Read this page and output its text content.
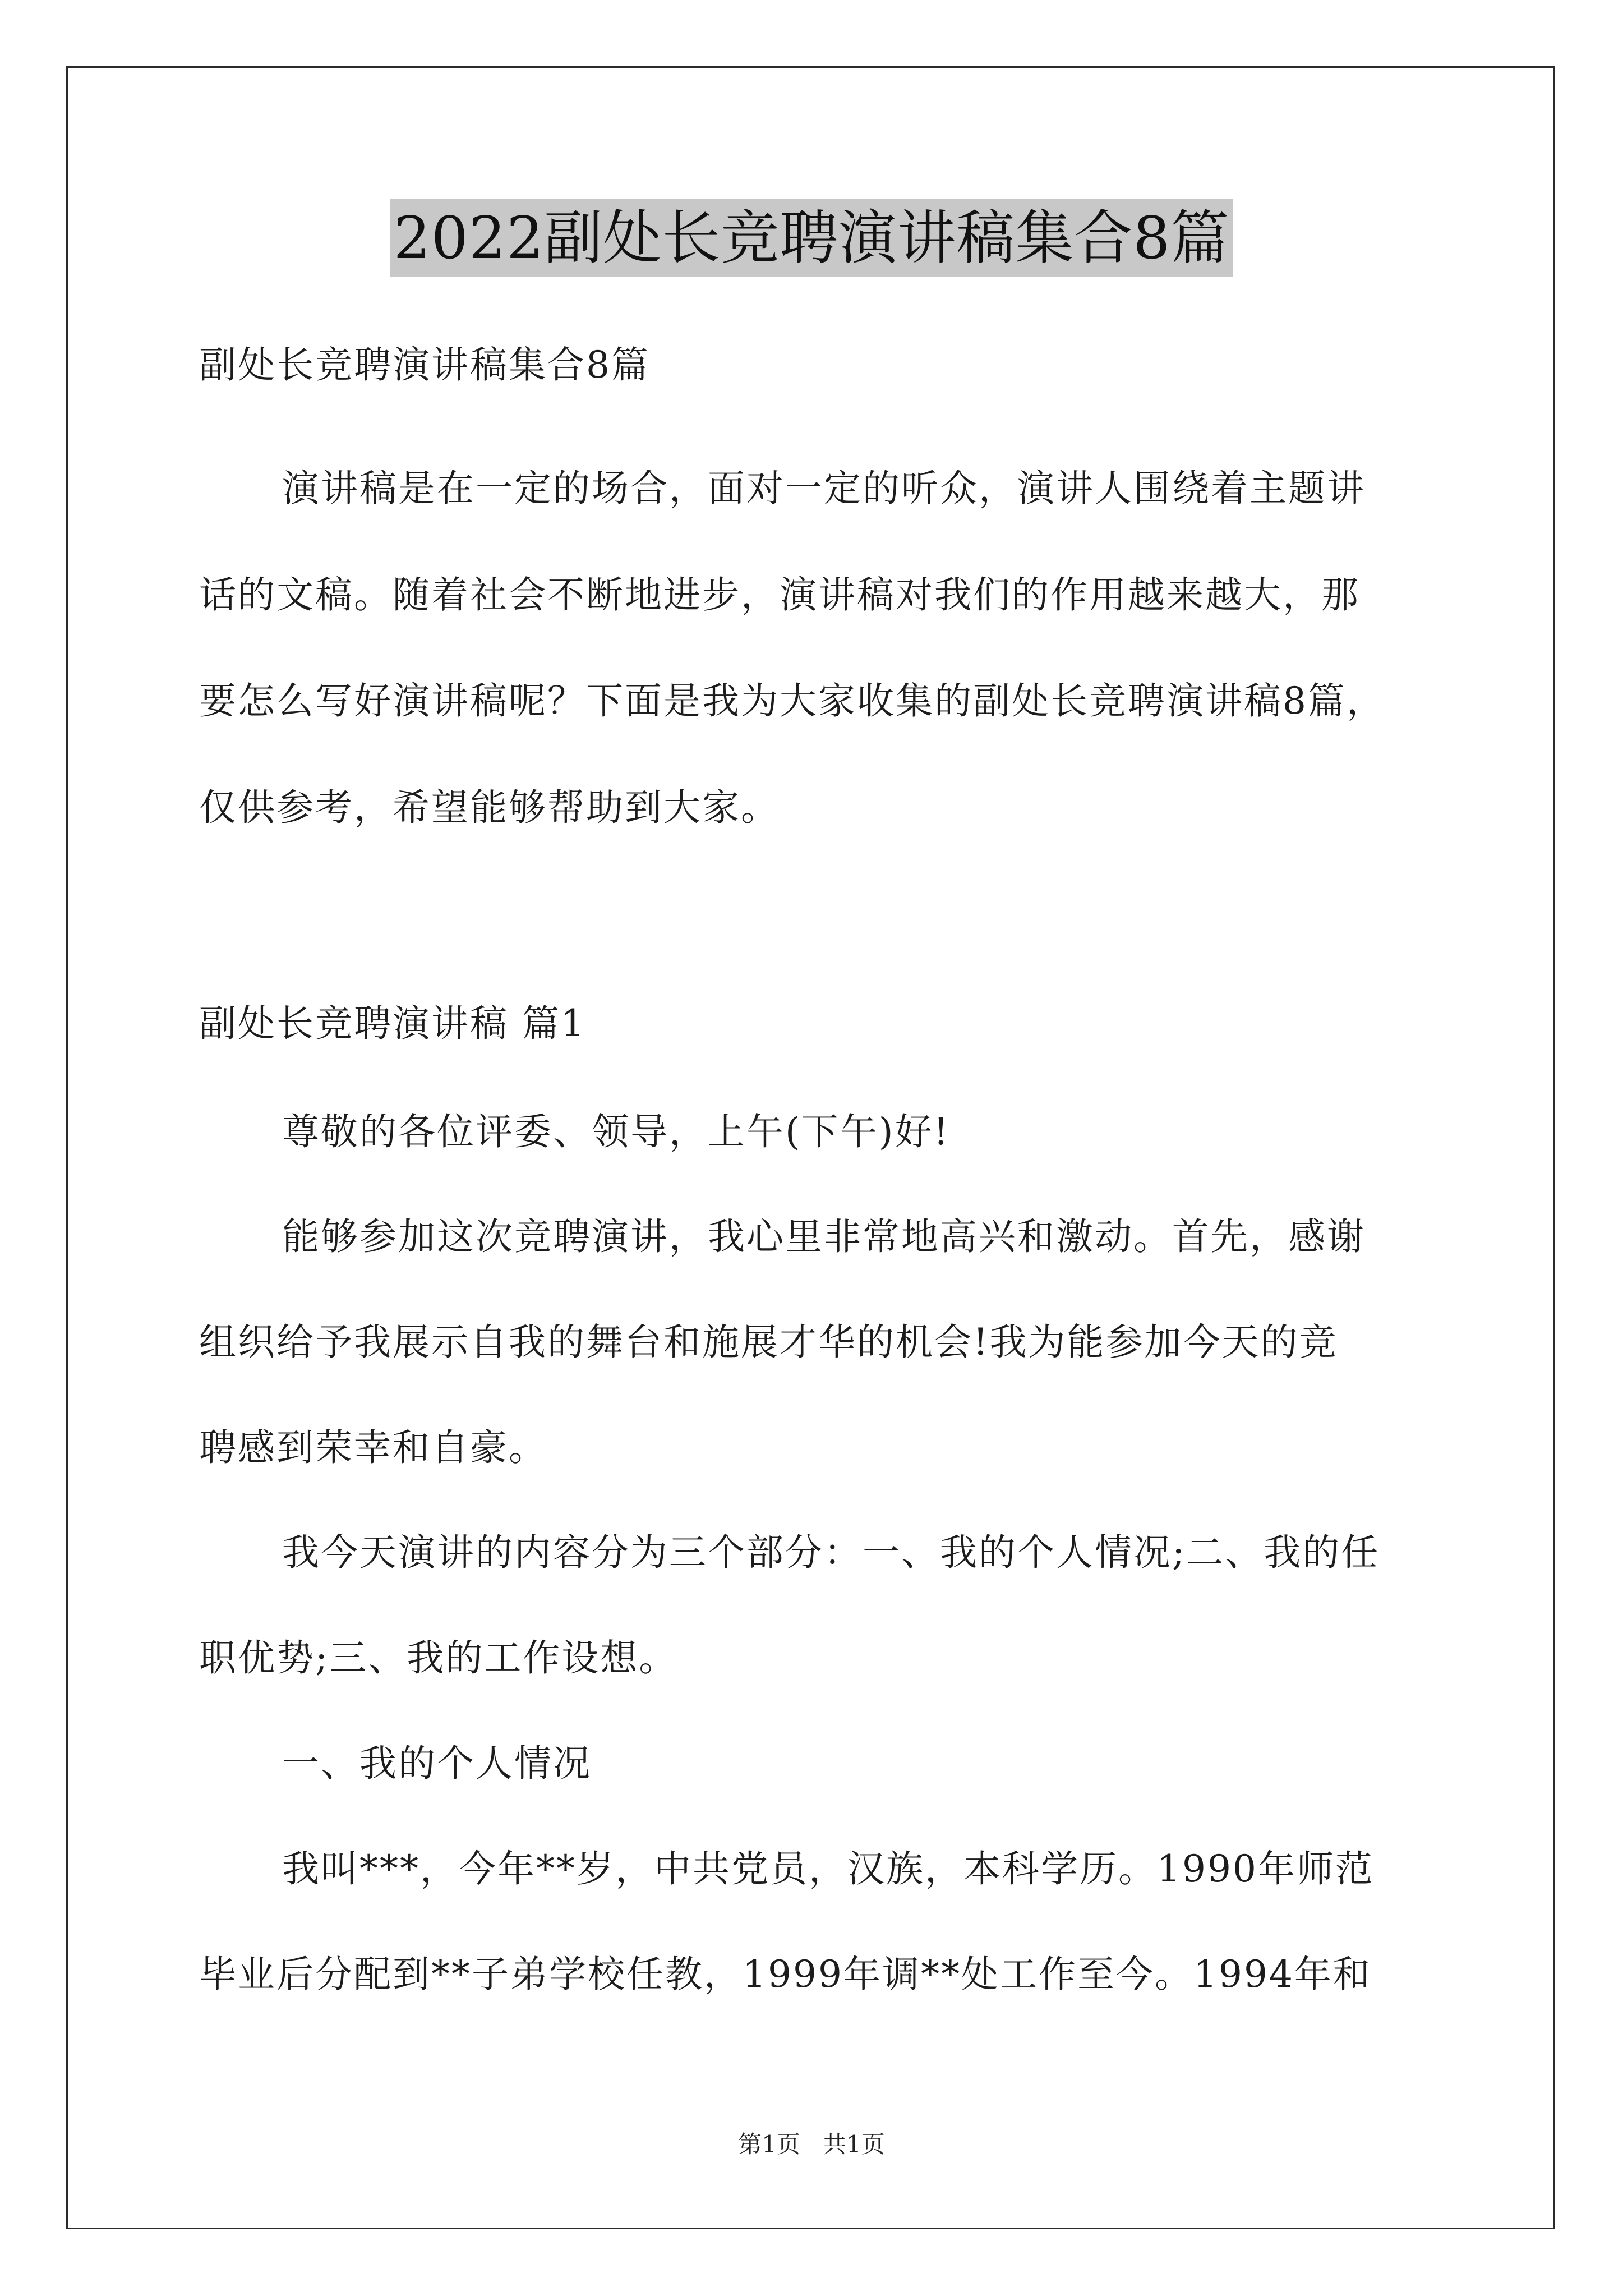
2022副处长竞聘演讲稿集合8篇
副处长竞聘演讲稿集合8篇
演讲稿是在一定的场合，面对一定的听众，演讲人围绕着主题讲
话的文稿。随着社会不断地进步，演讲稿对我们的作用越来越大，那
要怎么写好演讲稿呢？下面是我为大家收集的副处长竞聘演讲稿8篇，
仅供参考，希望能够帮助到大家。
副处长竞聘演讲稿 篇1
尊敬的各位评委、领导，上午(下午)好!
能够参加这次竞聘演讲，我心里非常地高兴和激动。首先，感谢
组织给予我展示自我的舞台和施展才华的机会!我为能参加今天的竞
聘感到荣幸和自豪。
我今天演讲的内容分为三个部分：一、我的个人情况;二、我的任
职优势;三、我的工作设想。
一、我的个人情况
我叫***，今年**岁，中共党员，汉族，本科学历。1990年师范
毕业后分配到**子弟学校任教，1999年调**处工作至今。1994年和
第1页   共1页
